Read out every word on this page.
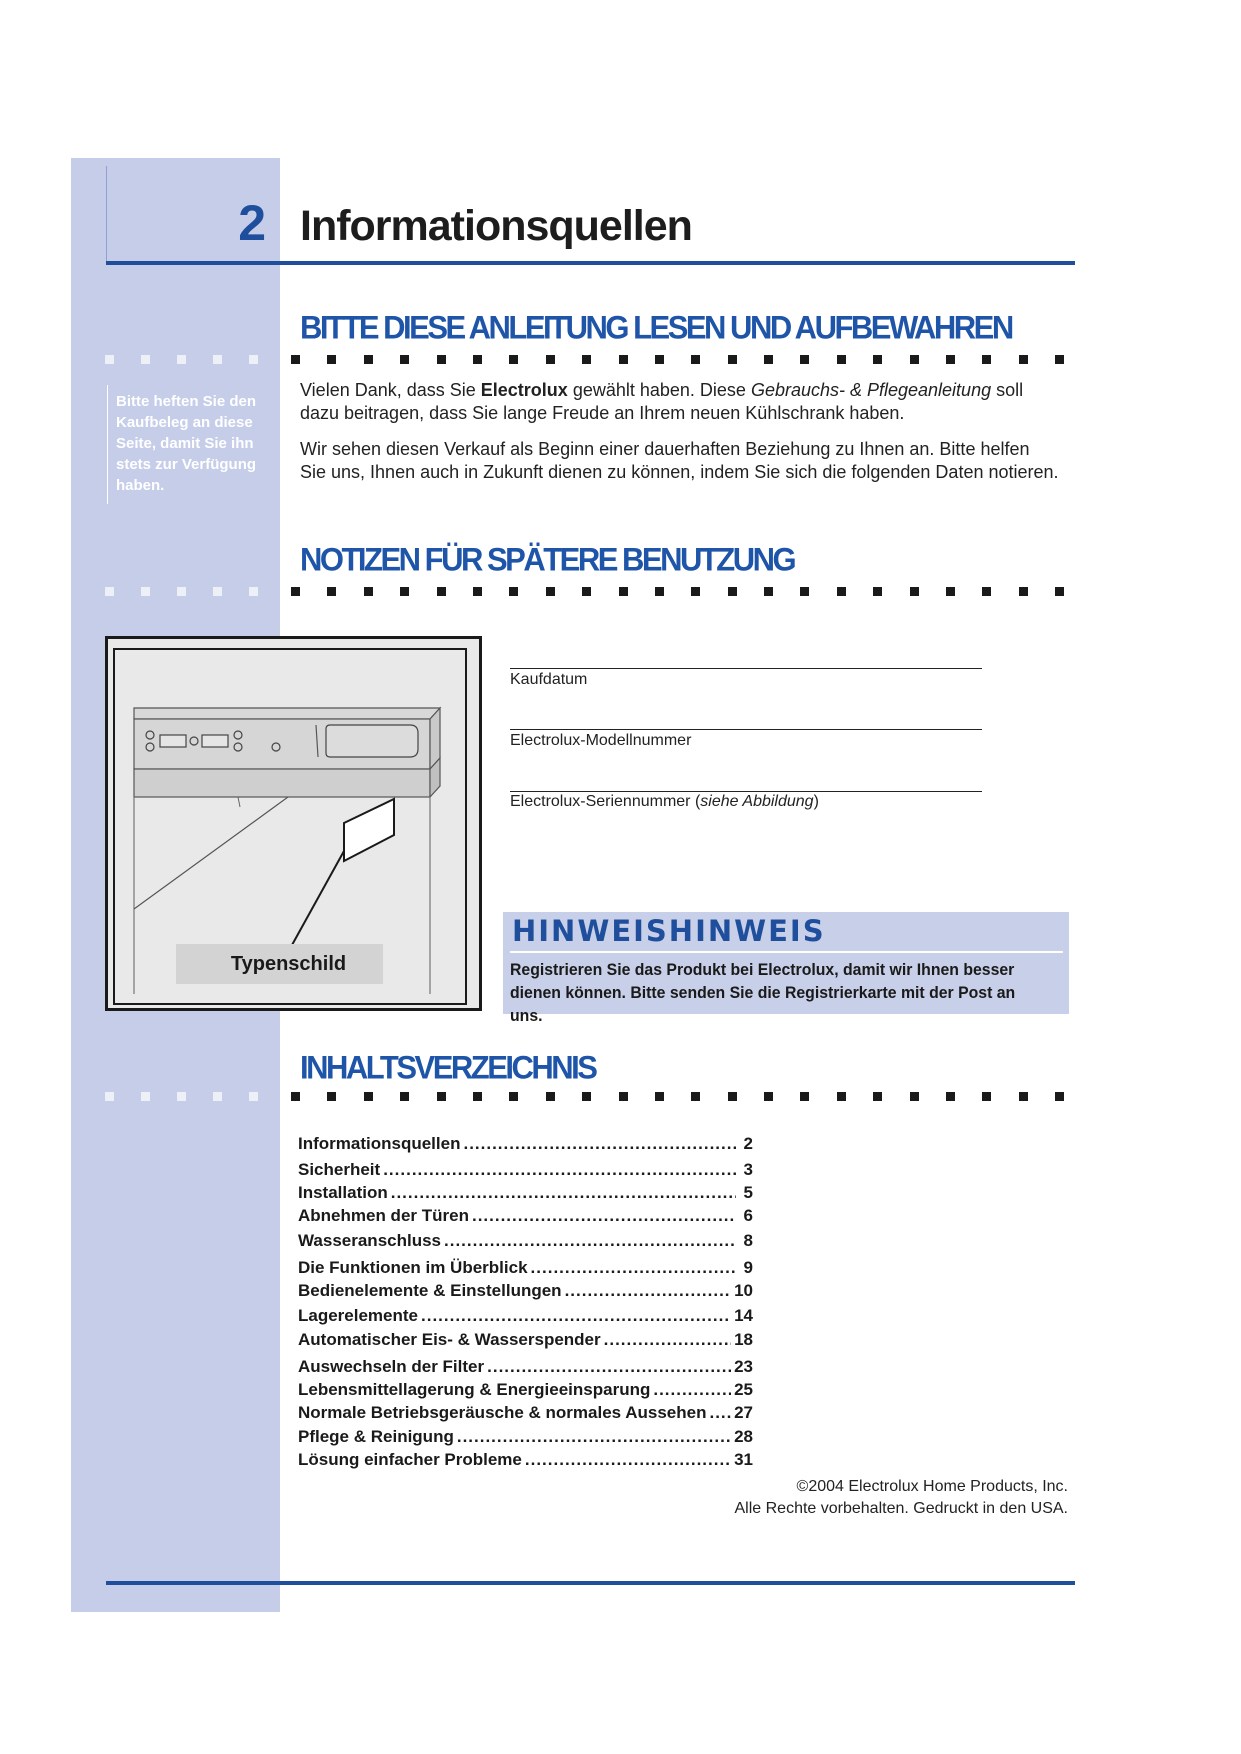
2 Informationsquellen
BITTE DIESE ANLEITUNG LESEN UND AUFBEWAHREN
Bitte heften Sie den Kaufbeleg an diese Seite, damit Sie ihn stets zur Verfügung haben.
Vielen Dank, dass Sie Electrolux gewählt haben. Diese Gebrauchs- & Pflegeanleitung soll dazu beitragen, dass Sie lange Freude an Ihrem neuen Kühlschrank haben.
Wir sehen diesen Verkauf als Beginn einer dauerhaften Beziehung zu Ihnen an. Bitte helfen Sie uns, Ihnen auch in Zukunft dienen zu können, indem Sie sich die folgenden Daten notieren.
NOTIZEN FÜR SPÄTERE BENUTZUNG
Typenschild
Kaufdatum
Electrolux-Modellnummer
Electrolux-Seriennummer (siehe Abbildung)
HINWEISHINWEIS
Registrieren Sie das Produkt bei Electrolux, damit wir Ihnen besser dienen können. Bitte senden Sie die Registrierkarte mit der Post an uns.
INHALTSVERZEICHNIS
Informationsquellen .....	2
Sicherheit .....	3
Installation .....	5
Abnehmen der Türen .....	6
Wasseranschluss .....	8
Die Funktionen im Überblick .....	9
Bedienelemente & Einstellungen .....	10
Lagerelemente .....	14
Automatischer Eis- & Wasserspender .....	18
Auswechseln der Filter .....	23
Lebensmittellagerung & Energieeinsparung .....	25
Normale Betriebsgeräusche & normales Aussehen ..... 27
Pflege & Reinigung .....	28
Lösung einfacher Probleme .....	31
©2004 Electrolux Home Products, Inc.
Alle Rechte vorbehalten. Gedruckt in den USA.
